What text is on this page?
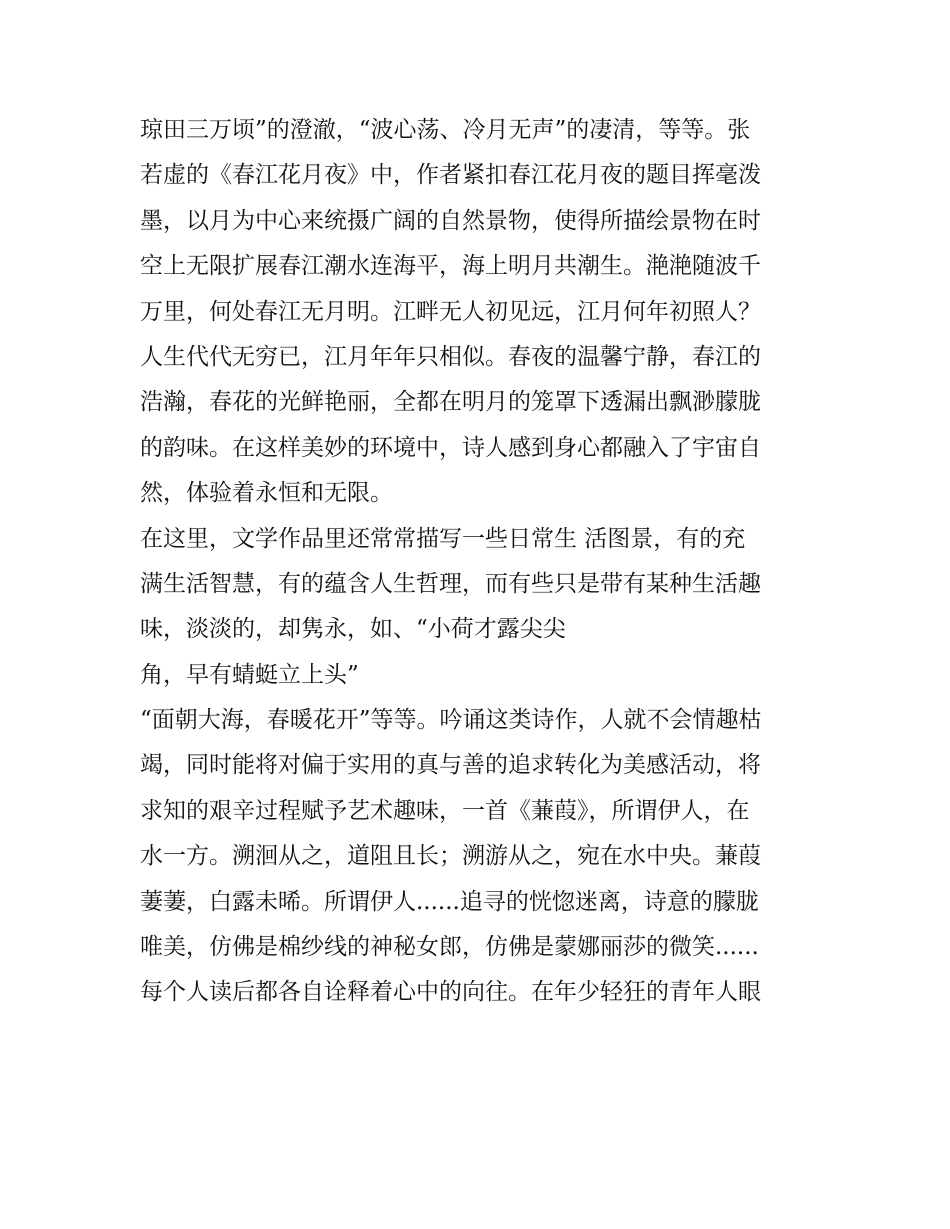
琼田三万顷”的澄澈，“波心荡、冷月无声”的凄清，等等。张
若虚的《春江花月夜》中，作者紧扣春江花月夜的题目挥毫泼
墨，以月为中心来统摄广阔的自然景物，使得所描绘景物在时
空上无限扩展春江潮水连海平，海上明月共潮生。滟滟随波千
万里，何处春江无月明。江畔无人初见远，江月何年初照人？
人生代代无穷已，江月年年只相似。春夜的温馨宁静，春江的
浩瀚，春花的光鲜艳丽，全都在明月的笼罩下透漏出飘渺朦胧
的韵味。在这样美妙的环境中，诗人感到身心都融入了宇宙自
然，体验着永恒和无限。
在这里，文学作品里还常常描写一些日常生 活图景，有的充
满生活智慧，有的蕴含人生哲理，而有些只是带有某种生活趣
味，淡淡的，却隽永，如、“小荷才露尖尖
角，早有蜻蜓立上头”
“面朝大海，春暖花开”等等。吟诵这类诗作，人就不会情趣枯
竭，同时能将对偏于实用的真与善的追求转化为美感活动，将
求知的艰辛过程赋予艺术趣味，一首《蒹葭》，所谓伊人，在
水一方。溯洄从之，道阻且长；溯游从之，宛在水中央。蒹葭
萋萋，白露未晞。所谓伊人......追寻的恍惚迷离，诗意的朦胧
唯美，仿佛是棉纱线的神秘女郎，仿佛是蒙娜丽莎的微笑......
每个人读后都各自诠释着心中的向往。在年少轻狂的青年人眼
